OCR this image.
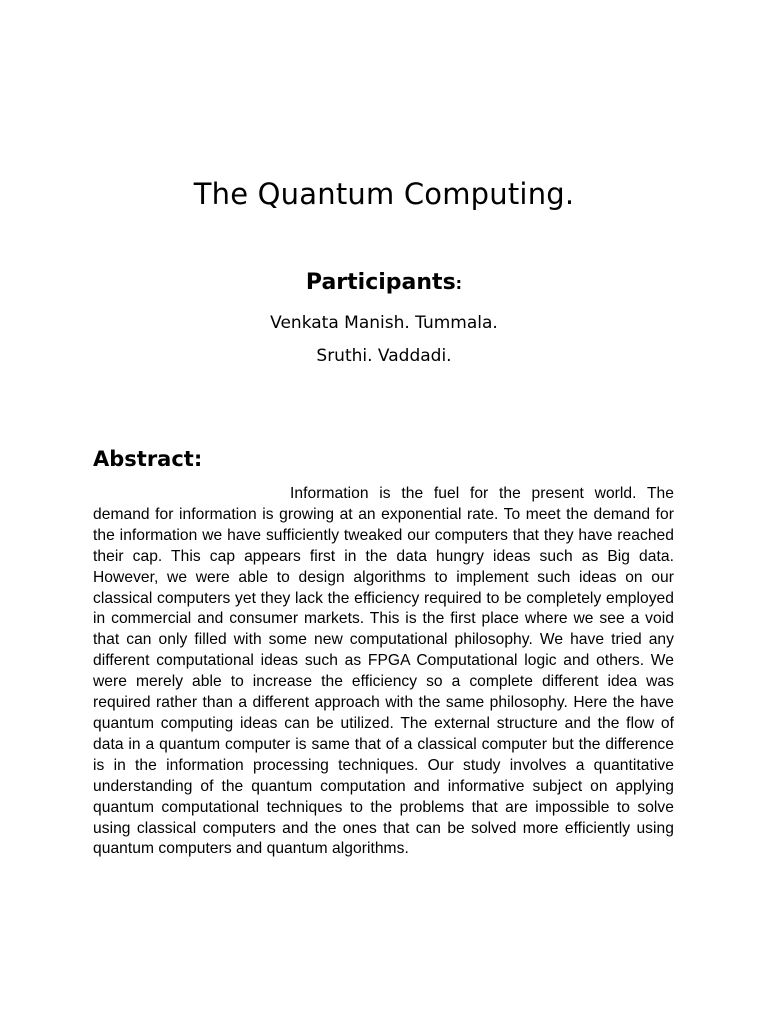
The Quantum Computing.
Participants:

Venkata Manish. Tummala.

Sruthi. Vaddadi.

Abstract:

Information is the fuel for the present world. The demand for information is growing at an exponential rate. To meet the demand for the information we have sufficiently tweaked our computers that they have reached their cap. This cap appears first in the data hungry ideas such as Big data. However, we were able to design algorithms to implement such ideas on our classical computers yet they lack the efficiency required to be completely employed in commercial and consumer markets. This is the first place where we see a void that can only filled with some new computational philosophy. We have tried any different computational ideas such as FPGA Computational logic and others. We were merely able to increase the efficiency so a complete different idea was required rather than a different approach with the same philosophy. Here the have quantum computing ideas can be utilized. The external structure and the flow of data in a quantum computer is same that of a classical computer but the difference is in the information processing techniques. Our study involves a quantitative understanding of the quantum computation and informative subject on applying quantum computational techniques to the problems that are impossible to solve using classical computers and the ones that can be solved more efficiently using quantum computers and quantum algorithms.
